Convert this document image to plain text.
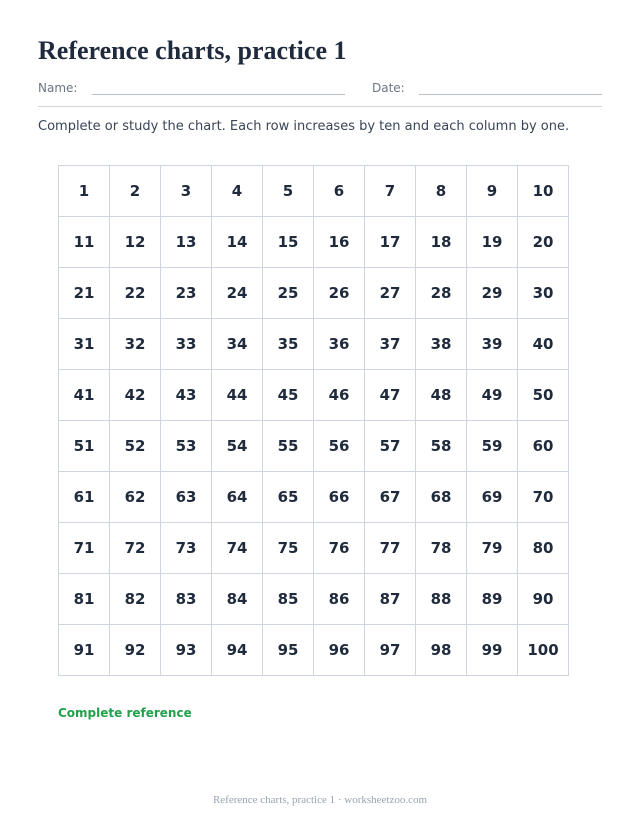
Reference charts, practice 1
Name:	Date:

Complete or study the chart. Each row increases by ten and each column by one.

1	2	3	4	5	6	7	8	9	10
11	12	13	14	15	16	17	18	19	20
21	22	23	24	25	26	27	28	29	30
31	32	33	34	35	36	37	38	39	40
41	42	43	44	45	46	47	48	49	50
51	52	53	54	55	56	57	58	59	60
61	62	63	64	65	66	67	68	69	70
71	72	73	74	75	76	77	78	79	80
81	82	83	84	85	86	87	88	89	90
91	92	93	94	95	96	97	98	99	100
Complete reference
Reference charts, practice 1 · worksheetzoo.com
